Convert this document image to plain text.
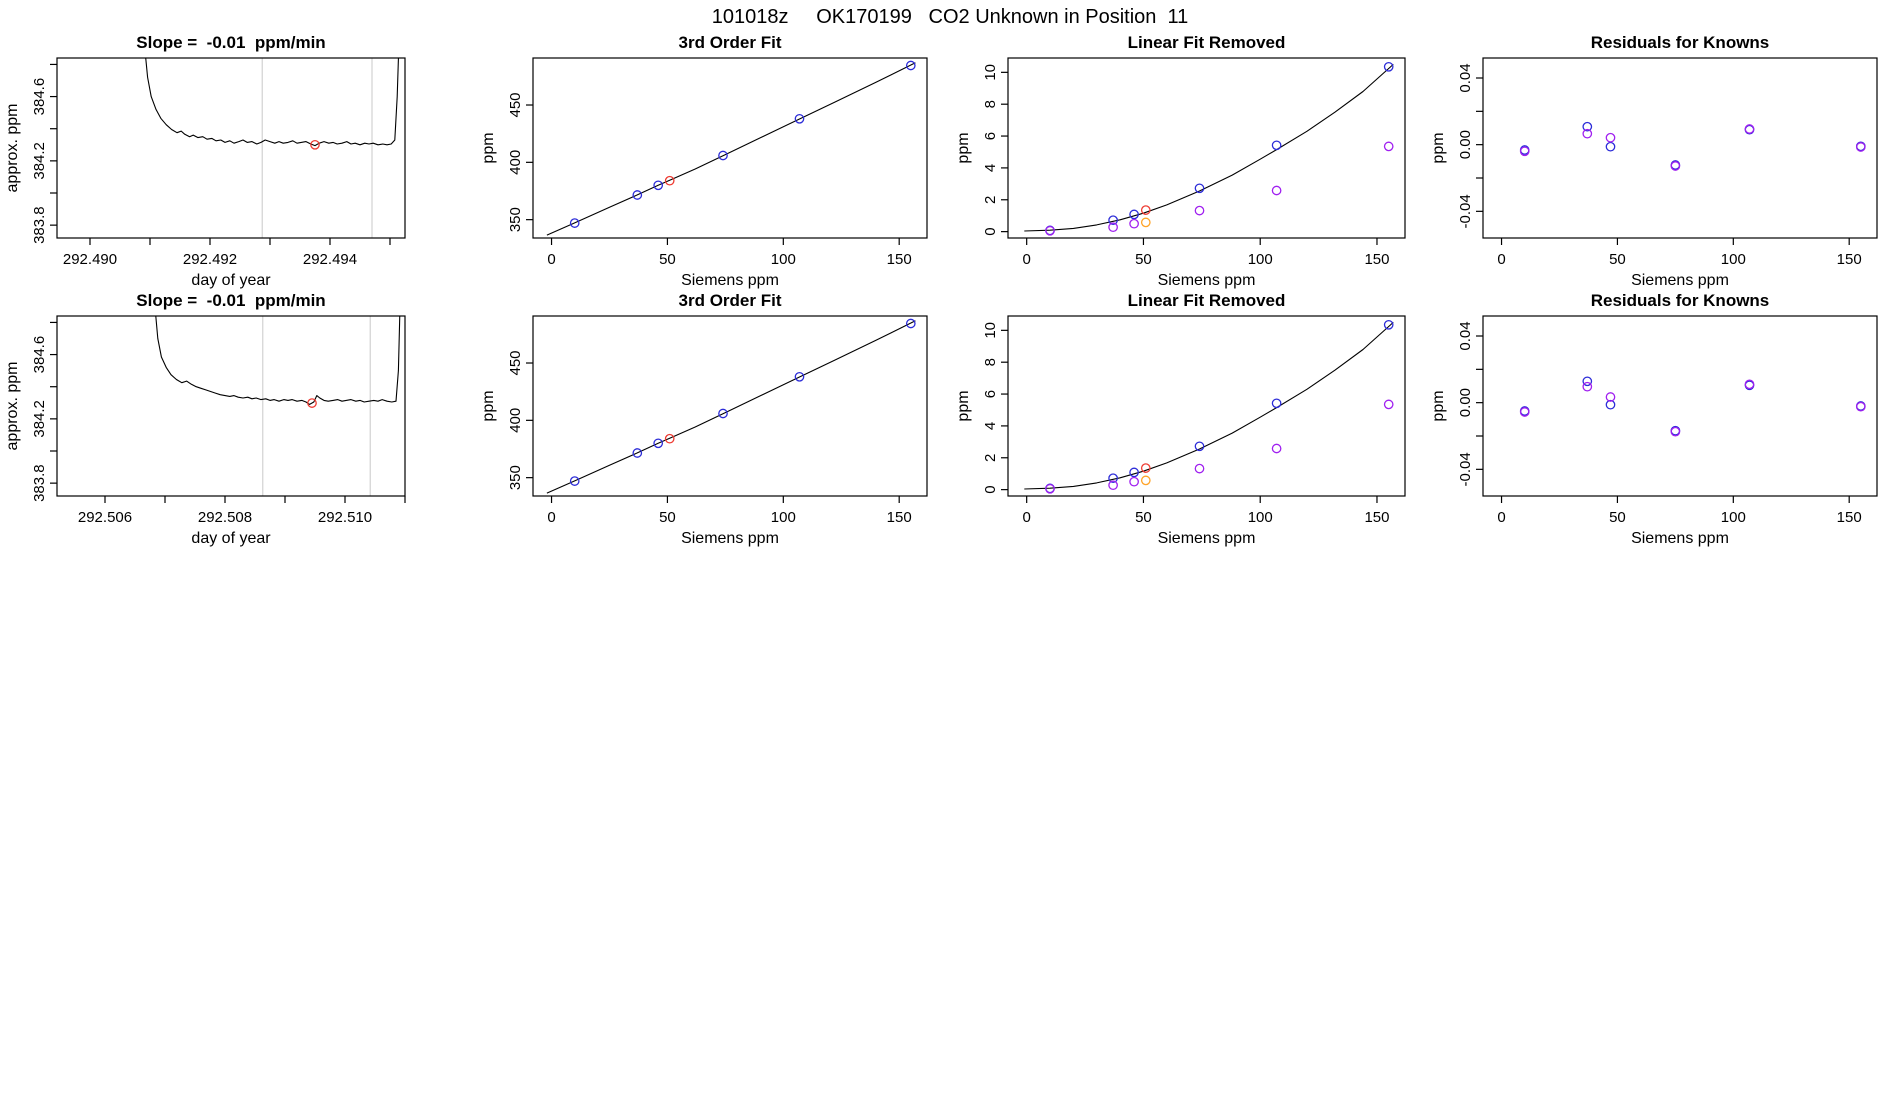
101018z     OK170199   CO2 Unknown in Position  11
292.490	292.492	292.494
383.8
384.2
384.6
Slope =  -0.01  ppm/min
day of year
approx. ppm
0	50	100	150
350
400
450
3rd Order Fit
Siemens ppm
ppm
0	50	100	150
0
2
4
6
8
10
Linear Fit Removed
Siemens ppm
ppm
0	50	100	150
-0.04
0.00
0.04
Residuals for Knowns
Siemens ppm
ppm
292.506	292.508	292.510
383.8
384.2
384.6
Slope =  -0.01  ppm/min
day of year
approx. ppm
0	50	100	150
350
400
450
3rd Order Fit
Siemens ppm
ppm
0	50	100	150
0
2
4
6
8
10
Linear Fit Removed
Siemens ppm
ppm
0	50	100	150
-0.04
0.00
0.04
Residuals for Knowns
Siemens ppm
ppm
